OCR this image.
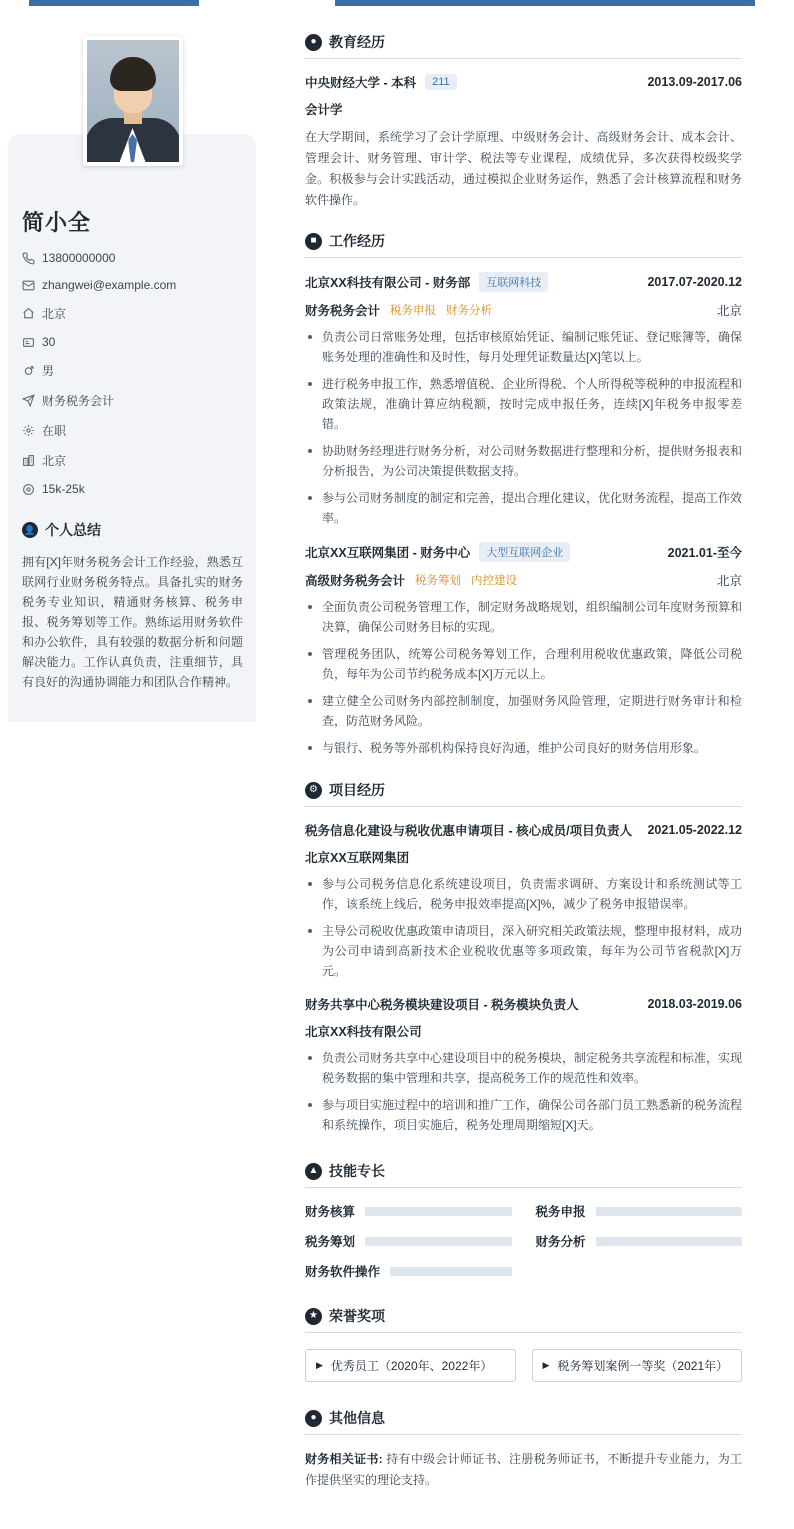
简小全
13800000000
zhangwei@example.com
北京
30
男
财务税务会计
在职
北京
15k-25k
👤 个人总结
拥有[X]年财务税务会计工作经验，熟悉互联网行业财务税务特点。具备扎实的财务税务专业知识，精通财务核算、税务申报、税务筹划等工作。熟练运用财务软件和办公软件，具有较强的数据分析和问题解决能力。工作认真负责，注重细节，具有良好的沟通协调能力和团队合作精神。
● 教育经历
中央财经大学 - 本科	211	2013.09-2017.06
会计学
在大学期间，系统学习了会计学原理、中级财务会计、高级财务会计、成本会计、管理会计、财务管理、审计学、税法等专业课程，成绩优异，多次获得校级奖学金。积极参与会计实践活动，通过模拟企业财务运作，熟悉了会计核算流程和财务软件操作。
■ 工作经历
北京XX科技有限公司 - 财务部	互联网科技	2017.07-2020.12
财务税务会计 税务申报 财务分析	北京
负责公司日常账务处理，包括审核原始凭证、编制记账凭证、登记账簿等，确保账务处理的准确性和及时性，每月处理凭证数量达[X]笔以上。
进行税务申报工作，熟悉增值税、企业所得税、个人所得税等税种的申报流程和政策法规，准确计算应纳税额，按时完成申报任务，连续[X]年税务申报零差错。
协助财务经理进行财务分析，对公司财务数据进行整理和分析，提供财务报表和分析报告，为公司决策提供数据支持。
参与公司财务制度的制定和完善，提出合理化建议，优化财务流程，提高工作效率。
北京XX互联网集团 - 财务中心	大型互联网企业	2021.01-至今
高级财务税务会计 税务筹划 内控建设	北京
全面负责公司税务管理工作，制定财务战略规划，组织编制公司年度财务预算和决算，确保公司财务目标的实现。
管理税务团队，统筹公司税务筹划工作，合理利用税收优惠政策，降低公司税负，每年为公司节约税务成本[X]万元以上。
建立健全公司财务内部控制制度，加强财务风险管理，定期进行财务审计和检查，防范财务风险。
与银行、税务等外部机构保持良好沟通，维护公司良好的财务信用形象。
⚙ 项目经历
税务信息化建设与税收优惠申请项目 - 核心成员/项目负责人 2021.05-2022.12
北京XX互联网集团
参与公司税务信息化系统建设项目，负责需求调研、方案设计和系统测试等工作，该系统上线后，税务申报效率提高[X]%，减少了税务申报错误率。
主导公司税收优惠政策申请项目，深入研究相关政策法规，整理申报材料，成功为公司申请到高新技术企业税收优惠等多项政策，每年为公司节省税款[X]万元。
财务共享中心税务模块建设项目 - 税务模块负责人	2018.03-2019.06
北京XX科技有限公司
负责公司财务共享中心建设项目中的税务模块，制定税务共享流程和标准，实现税务数据的集中管理和共享，提高税务工作的规范性和效率。
参与项目实施过程中的培训和推广工作，确保公司各部门员工熟悉新的税务流程和系统操作，项目实施后，税务处理周期缩短[X]天。
▲ 技能专长
财务核算	税务申报
税务筹划	财务分析
财务软件操作
★ 荣誉奖项
▶ 优秀员工（2020年、2022年）	▶ 税务筹划案例一等奖（2021年）
● 其他信息
财务相关证书: 持有中级会计师证书、注册税务师证书，不断提升专业能力，为工作提供坚实的理论支持。
